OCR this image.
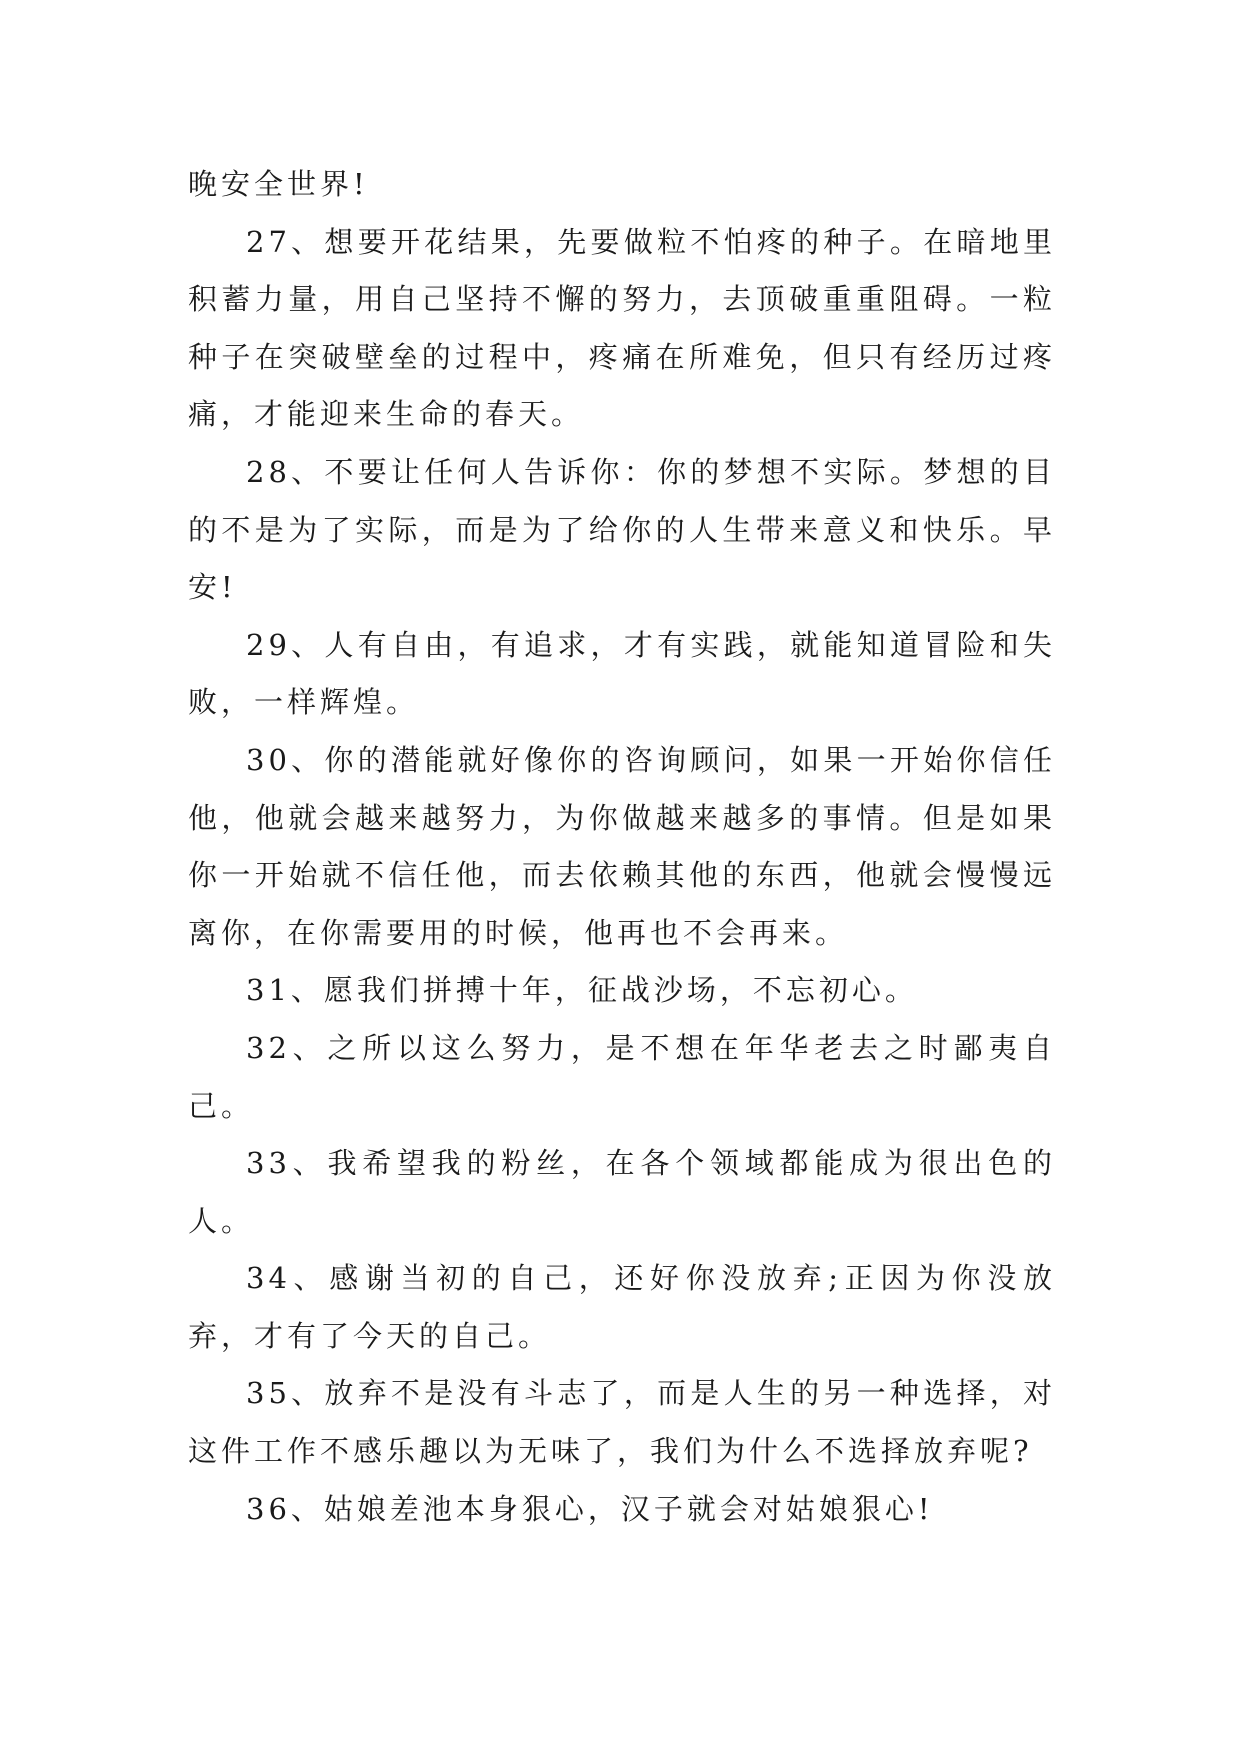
晚安全世界!

27、想要开花结果，先要做粒不怕疼的种子。在暗地里积蓄力量，用自己坚持不懈的努力，去顶破重重阻碍。一粒种子在突破壁垒的过程中，疼痛在所难免，但只有经历过疼痛，才能迎来生命的春天。

28、不要让任何人告诉你：你的梦想不实际。梦想的目的不是为了实际，而是为了给你的人生带来意义和快乐。早安!

29、人有自由，有追求，才有实践，就能知道冒险和失败，一样辉煌。

30、你的潜能就好像你的咨询顾问，如果一开始你信任他，他就会越来越努力，为你做越来越多的事情。但是如果你一开始就不信任他，而去依赖其他的东西，他就会慢慢远离你，在你需要用的时候，他再也不会再来。

31、愿我们拼搏十年，征战沙场，不忘初心。

32、之所以这么努力，是不想在年华老去之时鄙夷自己。

33、我希望我的粉丝，在各个领域都能成为很出色的人。

34、感谢当初的自己，还好你没放弃;正因为你没放弃，才有了今天的自己。

35、放弃不是没有斗志了，而是人生的另一种选择，对这件工作不感乐趣以为无味了，我们为什么不选择放弃呢?

36、姑娘差池本身狠心，汉子就会对姑娘狠心!
